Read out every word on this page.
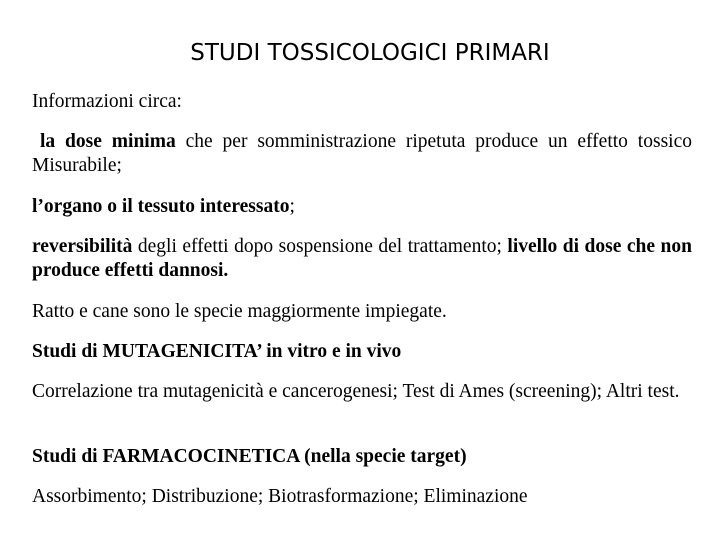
STUDI TOSSICOLOGICI PRIMARI
Informazioni circa:
la dose minima che per somministrazione ripetuta produce un effetto tossico Misurabile;
l’organo o il tessuto interessato;
reversibilità degli effetti dopo sospensione del trattamento; livello di dose che non produce effetti dannosi.
Ratto e cane sono le specie maggiormente impiegate.
Studi di MUTAGENICITA’ in vitro e in vivo
Correlazione tra mutagenicità e cancerogenesi; Test di Ames (screening); Altri test.
Studi di FARMACOCINETICA (nella specie target)
Assorbimento; Distribuzione; Biotrasformazione; Eliminazione
